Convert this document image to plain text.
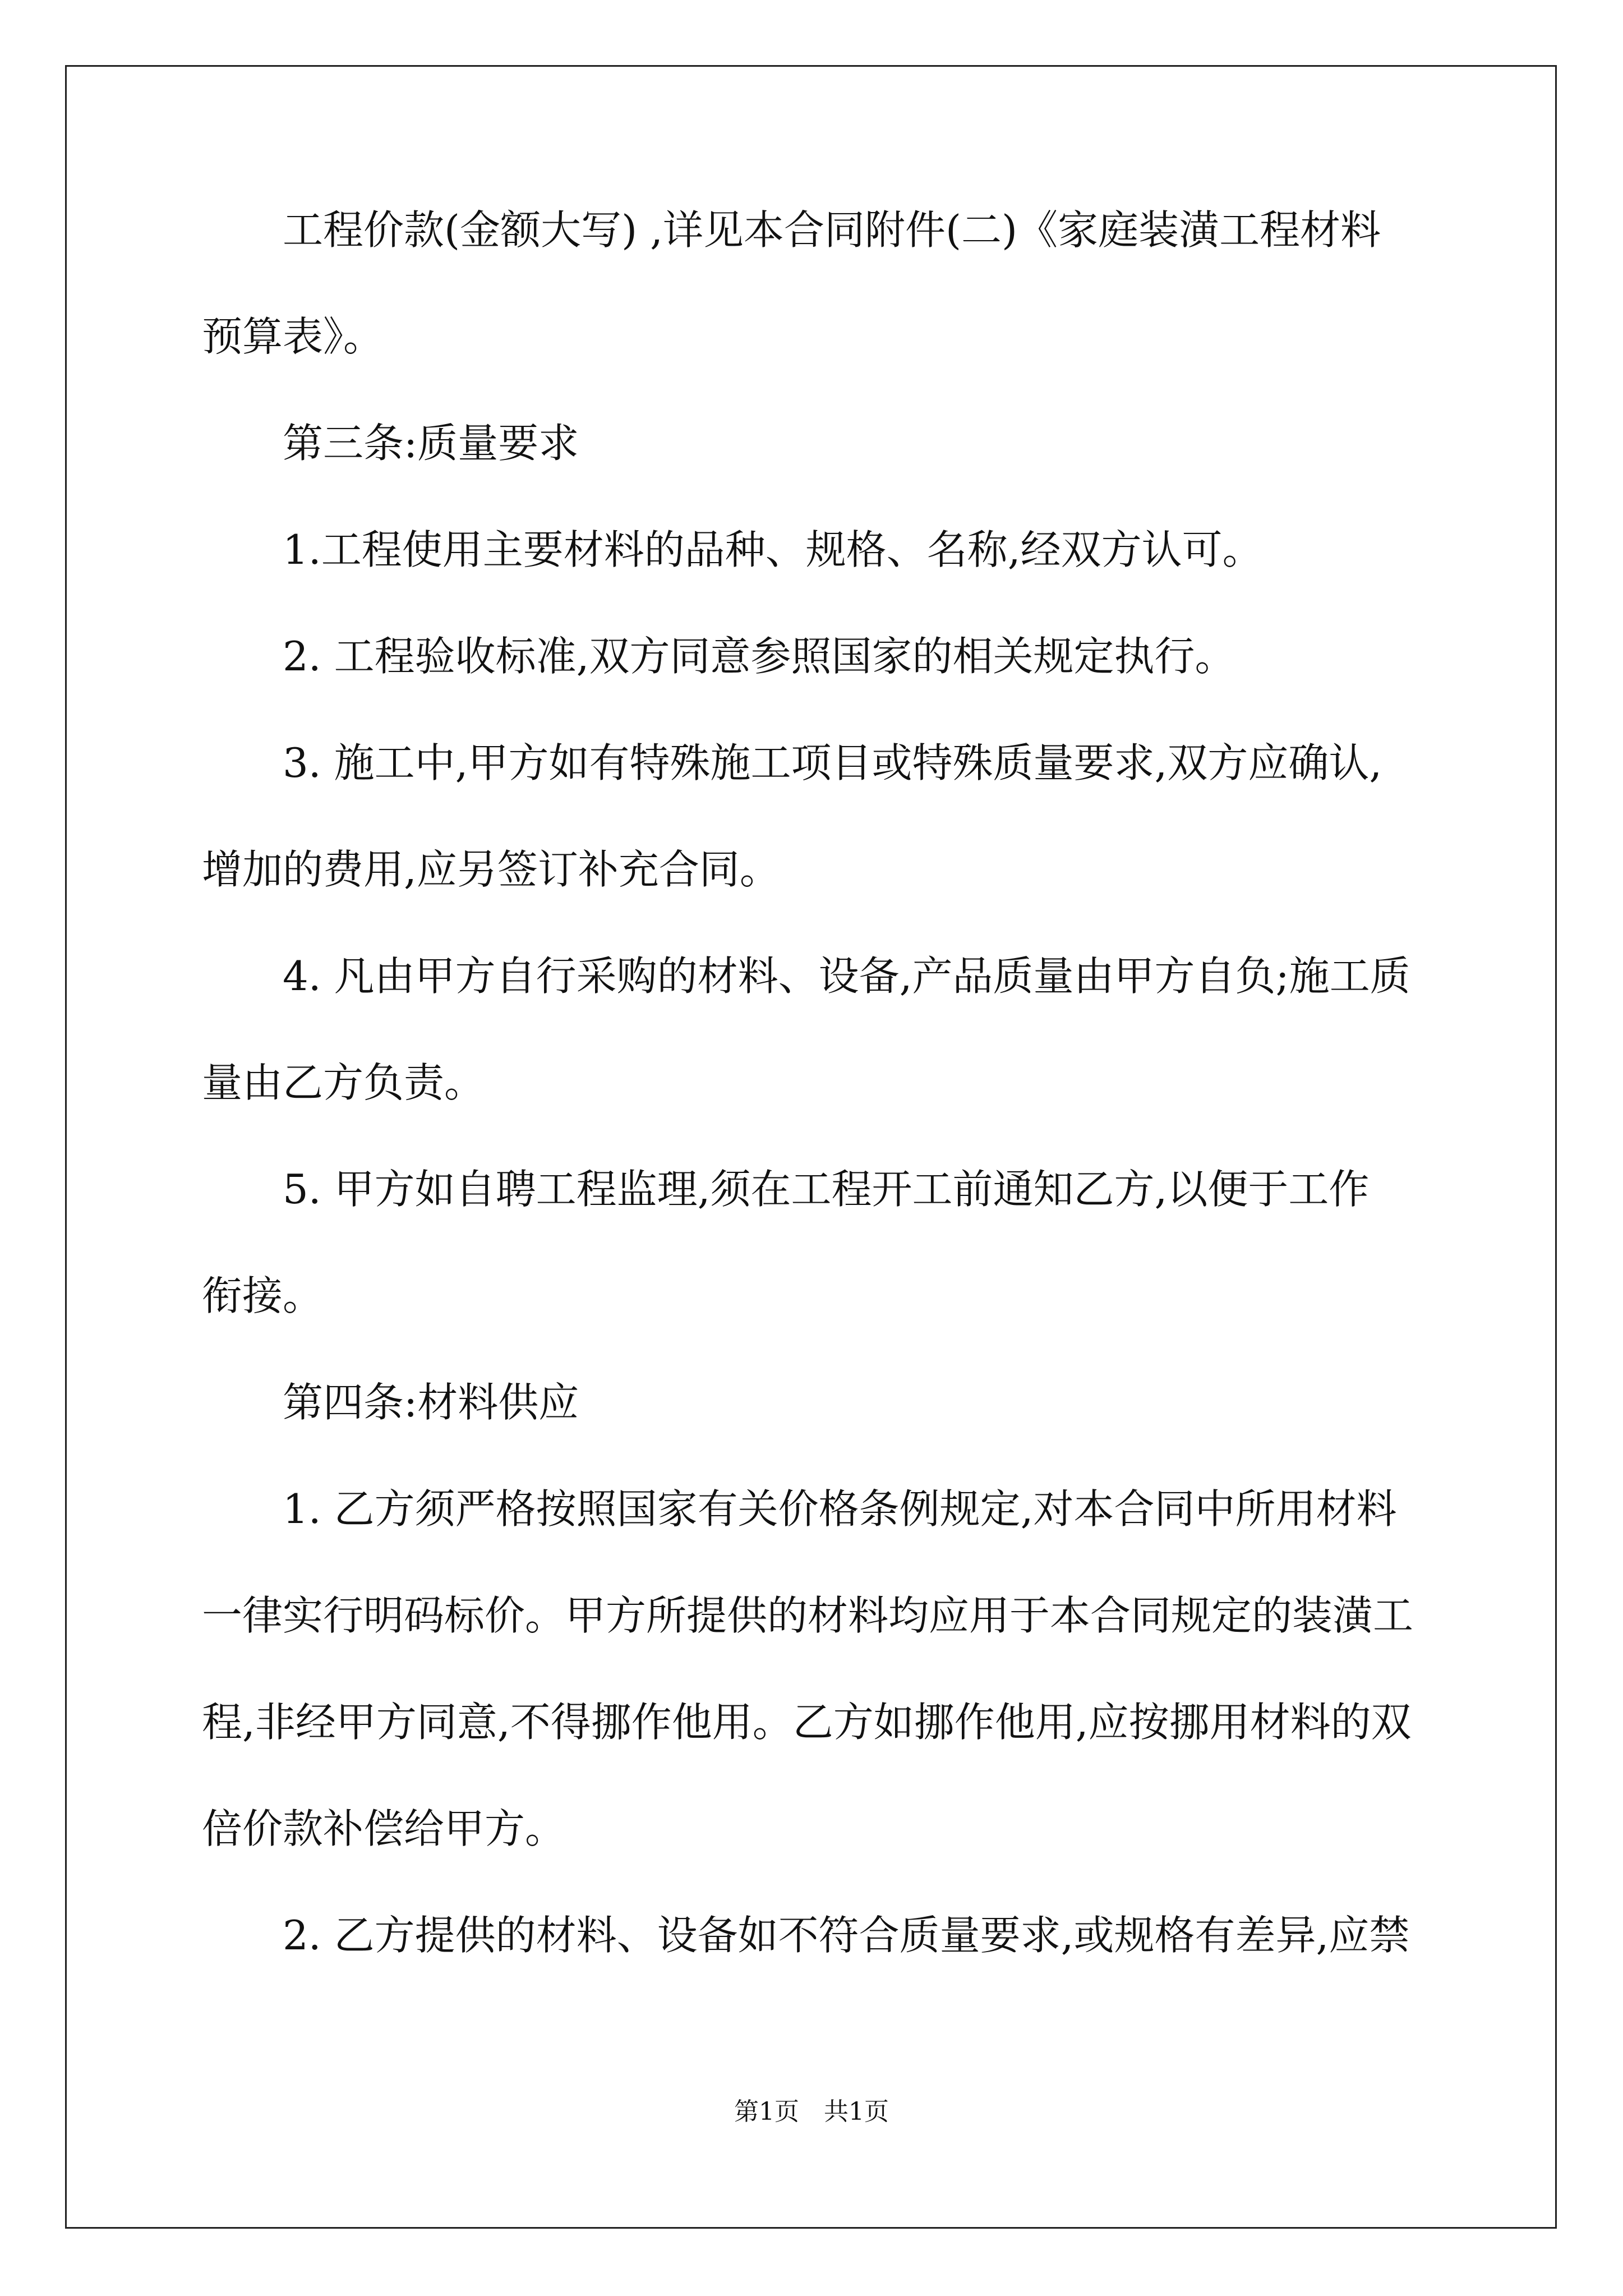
工程价款(金额大写) ,详见本合同附件(二)《家庭装潢工程材料
预算表》。
第三条:质量要求
1.工程使用主要材料的品种、规格、名称,经双方认可。
2. 工程验收标准,双方同意参照国家的相关规定执行。
3. 施工中,甲方如有特殊施工项目或特殊质量要求,双方应确认,
增加的费用,应另签订补充合同。
4. 凡由甲方自行采购的材料、设备,产品质量由甲方自负;施工质
量由乙方负责。
5. 甲方如自聘工程监理,须在工程开工前通知乙方,以便于工作
衔接。
第四条:材料供应
1. 乙方须严格按照国家有关价格条例规定,对本合同中所用材料
一律实行明码标价。甲方所提供的材料均应用于本合同规定的装潢工
程,非经甲方同意,不得挪作他用。乙方如挪作他用,应按挪用材料的双
倍价款补偿给甲方。
2. 乙方提供的材料、设备如不符合质量要求,或规格有差异,应禁
第1页　共1页
